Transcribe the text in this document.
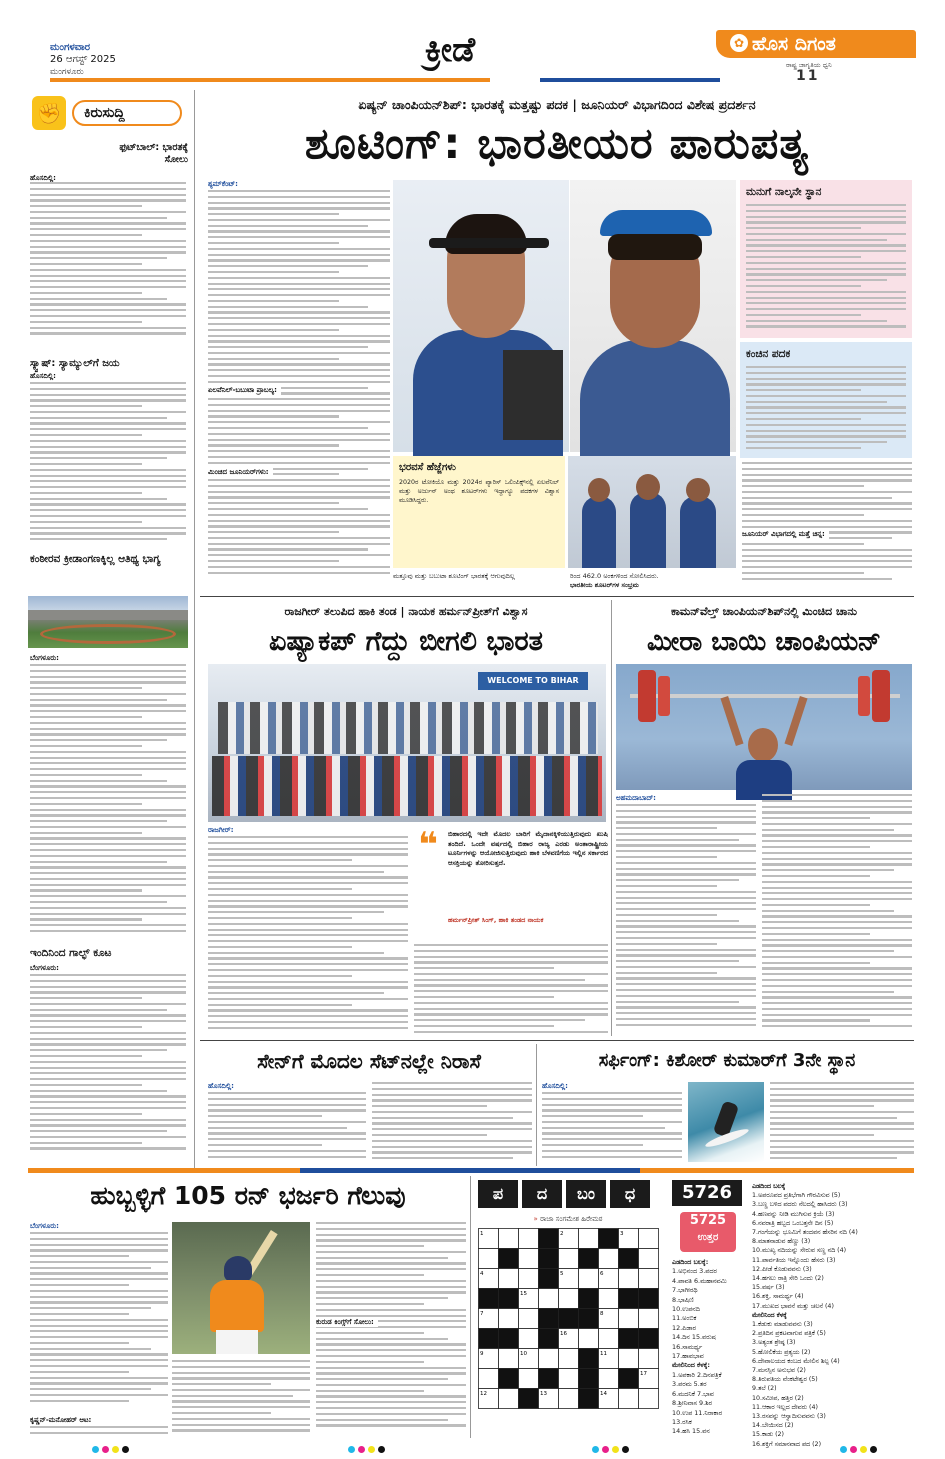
ಮಂಗಳವಾರ
26 ಆಗಸ್ಟ್ 2025
ಮಂಗಳೂರು
ಕ್ರೀಡೆ	✿ ಹೊಸ ದಿಗಂತ
ರಾಷ್ಟ್ರ ಜಾಗೃತಿಯ ಧ್ವನಿ
11
✊	ಕಿರುಸುದ್ದಿ
ಫುಟ್‌ಬಾಲ್: ಭಾರತಕ್ಕೆ ಸೋಲು
ಹೊಸದಿಲ್ಲಿ:
ಸ್ಕ್ವಾಷ್: ಸ್ಯಾಮ್ಯುಲ್‌ಗೆ ಜಯ
ಹೊಸದಿಲ್ಲಿ:
ಕಂಠೀರವ ಕ್ರೀಡಾಂಗಣಕ್ಕಿಲ್ಲ ಆತಿಥ್ಯ ಭಾಗ್ಯ
ಬೆಂಗಳೂರು:
ಇಂದಿನಿಂದ ಗಾಲ್ಫ್ ಕೂಟ
ಬೆಂಗಳೂರು:
ಏಷ್ಯನ್ ಚಾಂಪಿಯನ್‌ಶಿಪ್: ಭಾರತಕ್ಕೆ ಮತ್ತಷ್ಟು ಪದಕ | ಜೂನಿಯರ್ ವಿಭಾಗದಿಂದ ವಿಶೇಷ ಪ್ರದರ್ಶನ
ಶೂಟಿಂಗ್: ಭಾರತೀಯರ ಪಾರುಪತ್ಯ
ಶ್ಯಮ್‌ಕೆಂಟ್:
ಏಲವೆನಿಲ್-ಬಬುಟಾ ಪ್ರಾಬಲ್ಯ:
ಮಿಂಚಿದ ಜೂನಿಯರ್‌ಗಳು:
ಮನುಗೆ ನಾಲ್ಕನೇ ಸ್ಥಾನ
ಕಂಚಿನ ಪದಕ
ಜೂನಿಯರ್ ವಿಭಾಗದಲ್ಲಿ ಮತ್ತೆ ಚಿನ್ನ:
ಭರವಸೆ ಹೆಜ್ಜೆಗಳು
2020ರ ಟೋಕಿಯೊ ಮತ್ತು 2024ರ ಪ್ಯಾರಿಸ್ ಒಲಿಂಪಿಕ್ಸ್‌ನಲ್ಲಿ ಏಲವೆನಿಲ್ ಮತ್ತು ಅರ್ಜುನ್ ಅಂಥ ಶೂಟರ್‌ಗಳು ಇದ್ದಾಗ್ಯೂ ಪದಕಗಳ ವಿಶ್ವಾಸ ಮೂಡಿಸಿದ್ದರು.
ಮತ್ತೂವು ಮತ್ತು ಬಬುಟಾ ಶೂಟಿಂಗ್ ಭಾರತಕ್ಕೆ ಆಗುವುದಿಲ್ಲ	ರಿಂದ 462.0 ಅಂಕಗಳಿಂದ ಸೋಲಿಸಿದರು.
ಭಾರತೀಯ ಶೂಟರ್‌ಗಳ ಸಂಭ್ರಮ
ರಾಜಗೀರ್ ತಲುಪಿದ ಹಾಕಿ ತಂಡ | ನಾಯಕ ಹರ್ಮನ್‌ಪ್ರೀತ್‌ಗೆ ವಿಶ್ವಾಸ
ಏಷ್ಯಾಕಪ್ ಗೆದ್ದು ಬೀಗಲಿ ಭಾರತ
WELCOME TO BIHAR
ರಾಜಗೀರ್:	❝	ಬಿಹಾರದಲ್ಲಿ ಇದೇ ಮೊದಲ ಬಾರಿಗೆ ಮೈದಾನಕ್ಕಿಳಿಯುತ್ತಿರುವುದು ಖುಷಿ ತಂದಿದೆ. ಒಂದೇ ವರ್ಷದಲ್ಲಿ ಬಿಹಾರ ರಾಜ್ಯ ಎರಡು ಅಂತಾರಾಷ್ಟ್ರೀಯ ಟೂರ್ನಿಗಳನ್ನು ಆಯೋಜಿಸುತ್ತಿರುವುದು ಹಾಕಿ ಬೆಳವಣಿಗೆಯ ಇಲ್ಲಿನ ಸರ್ಕಾರದ ಆಸಕ್ತಿಯನ್ನು ತೋರಿಸುತ್ತದೆ.
ಹರ್ಮನ್‌ಪ್ರೀತ್ ಸಿಂಗ್, ಹಾಕಿ ತಂಡದ ನಾಯಕ
ಕಾಮನ್‌ವೆಲ್ತ್ ಚಾಂಪಿಯನ್‌ಶಿಪ್‌ನಲ್ಲಿ ಮಿಂಚಿದ ಚಾನು
ಮೀರಾ ಬಾಯಿ ಚಾಂಪಿಯನ್
ಅಹಮದಾಬಾದ್:
ಸೇನ್‌ಗೆ ಮೊದಲ ಸೆಟ್‌ನಲ್ಲೇ ನಿರಾಸೆ
ಹೊಸದಿಲ್ಲಿ:
ಸರ್ಫಿಂಗ್: ಕಿಶೋರ್ ಕುಮಾರ್‌ಗೆ 3ನೇ ಸ್ಥಾನ
ಹೊಸದಿಲ್ಲಿ:
ಹುಬ್ಬಳ್ಳಿಗೆ 105 ರನ್ ಭರ್ಜರಿ ಗೆಲುವು
ಬೆಂಗಳೂರು:
ಕೃಷ್ಣನ್-ಮನೋಹರ್ ಆಟ:
ಕುರುಡ ಕಿಂಗ್ಸ್‌ಗೆ ಸೋಲು:
ಪ	ದ	ಬಂ	ಧ
» ರಾಜಾ ಸಂಗಮೇಶ ಹಿರೇಮಠ
1	2	3
4	5	6
15
7	8
16
9	10	11
17
12	13	14
5726
5725
ಉತ್ತರ
ಎಡದಿಂದ ಬಲಕ್ಕೆ:
1.ಅಭಿನಂದ 3.ಪದರ
4.ಪಾವತಿ 6.ಮಹಾನವಮಿ
7.ಭಾಗೀರಥಿ
8.ಭಾಷಿಣಿ
10.ಉಪನದಿ
11.ಅಂಬಿಕ
12.ಪಿಡಾರ
14.ದಿನ 15.ವರುಷ
16.ಸಾಮರ್ಥ್ಯ
17.ಹಾವಭಾವ
ಮೇಲಿನಿಂದ ಕೆಳಕ್ಕೆ:
1.ಅಪಕಾರಿ 2.ದಿನಪತ್ರಿಕೆ
3.ಪರಮ 5.ತರ
6.ಮದನಿಕೆ 7.ಭಾವ
8.ಶ್ರೀನಿವಾಸ 9.ಶಿರ
10.ಉಪ 11.ನಿರಾಕಾರ
13.ರಸಿಕ
14.ಹಸಿ 15.ವನ
ಎಡದಿಂದ ಬಲಕ್ಕೆ
1.ಅಪರೂಪದ ಪ್ರತಿಭೆಗಾಗಿ ಗೌರವಿಸುವ (5)
3.ಬಣ್ಣ ಬಳಿದ ಪದರು ನೆಲದಲ್ಲಿ ಹಾಸಿದರು (3)
4.ಹಣವನ್ನು ನೀಡಿ ಮುಗಿಸುವ ಕ್ರಿಯೆ (3)
6.ನವರಾತ್ರಿ ಹಬ್ಬದ ಒಂಬತ್ತನೇ ದಿನ (5)
7.ಗಂಗೆಯನ್ನು ಭೂಮಿಗೆ ತಂದವನ ಹೆಸರಿನ ನದಿ (4)
8.ಮಾತನಾಡುವ ಹೆಣ್ಣು (3)
10.ಮುಖ್ಯ ನದಿಯನ್ನು ಸೇರುವ ಸಣ್ಣ ನದಿ (4)
11.ಪಾರ್ವತಿಯ ಇನ್ನೊಂದು ಹೆಸರು (3)
12.ಪೀಡೆ ಕೊಡುವವನು (3)
14.ಹಗಲು ರಾತ್ರಿ ಸೇರಿ ಒಂದು (2)
15.ವರ್ಷ (3)
16.ಶಕ್ತಿ, ಸಾಮರ್ಥ್ಯ (4)
17.ಮುಖದ ಭಾವನೆ ಮತ್ತು ಚಲನೆ (4)
ಮೇಲಿನಿಂದ ಕೆಳಕ್ಕೆ
1.ಕೆಡುಕು ಮಾಡುವವನು (3)
2.ಪ್ರತಿದಿನ ಪ್ರಕಟವಾಗುವ ಪತ್ರಿಕೆ (5)
3.ಅತ್ಯಂತ ಶ್ರೇಷ್ಠ (3)
5.ಹೋಲಿಕೆಯ ಪ್ರತ್ಯಯ (2)
6.ದೇವಾಲಯದ ಕಂಬದ ಮೇಲಿನ ಶಿಲ್ಪ (4)
7.ಮನಸ್ಸಿನ ಅನುಭವ (2)
8.ತಿರುಪತಿಯ ವೆಂಕಟೇಶ್ವರ (5)
9.ತಲೆ (2)
10.ಸಮೀಪ, ಹತ್ತಿರ (2)
11.ಆಕಾರ ಇಲ್ಲದ ದೇವರು (4)
13.ರಸವನ್ನು ಆಸ್ವಾದಿಸುವವನು (3)
14.ಬೇಯಿಸದ (2)
15.ಕಾಡು (2)
16.ಶಕ್ತಿಗೆ ಸಮಾನವಾದ ಪದ (2)
